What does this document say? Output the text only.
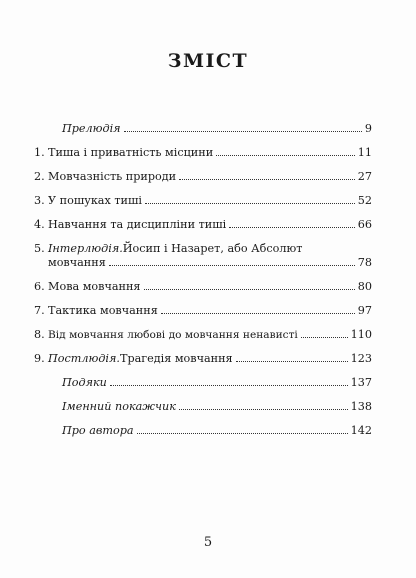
ЗМІСТ
Прелюдія	9
1. Тиша і приватність місцини	11
2. Мовчазність природи	27
3. У пошуках тиші	52
4. Навчання та дисципліни тиші	66
5. Інтерлюдія. Йосип і Назарет, або Абсолют
мовчання	78
6. Мова мовчання	80
7. Тактика мовчання	97
8. Від мовчання любові до мовчання ненависті	110
9. Постлюдія. Трагедія мовчання	123
Подяки	137
Іменний покажчик	138
Про автора	142
5
